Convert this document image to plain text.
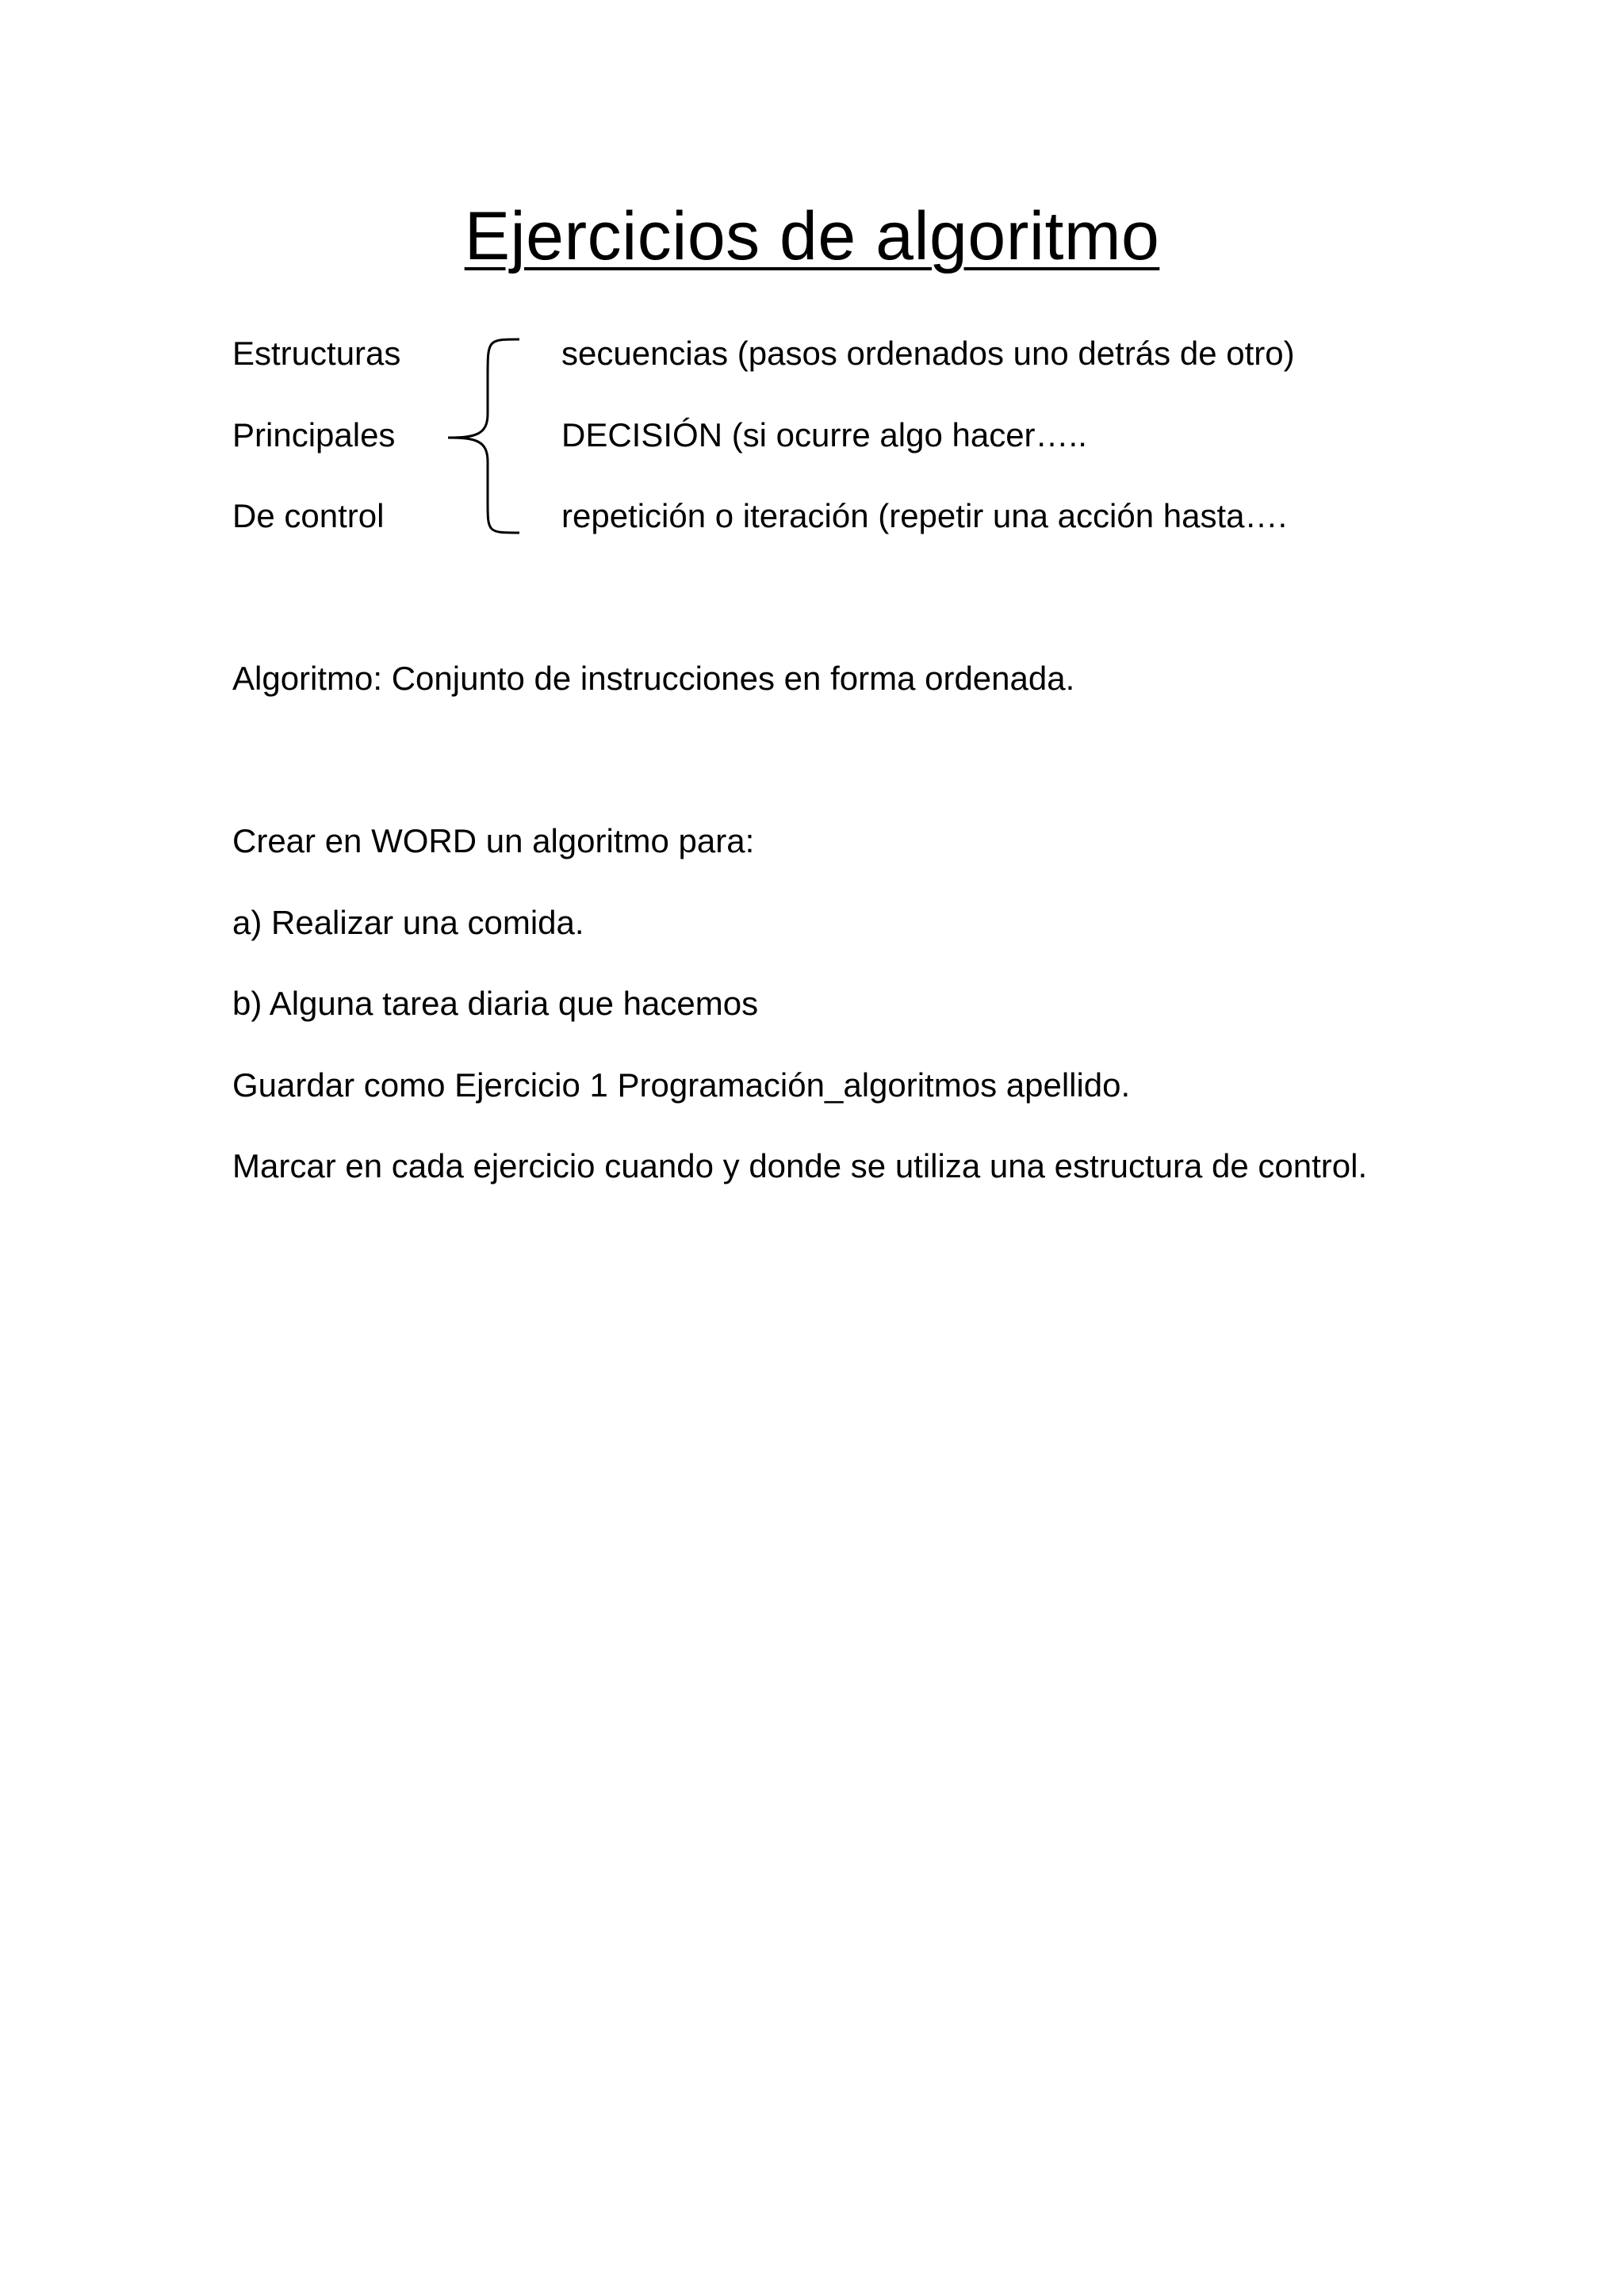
Ejercicios de algoritmo
Estructuras
Principales
De control
secuencias (pasos ordenados uno detrás de otro)
DECISIÓN (si ocurre algo hacer…..
repetición o iteración (repetir una acción hasta….
Algoritmo: Conjunto de instrucciones en forma ordenada.
Crear en WORD un algoritmo para:
a) Realizar una comida.
b) Alguna tarea diaria que hacemos
Guardar como Ejercicio 1 Programación_algoritmos apellido.
Marcar en cada ejercicio cuando y donde se utiliza una estructura de control.
